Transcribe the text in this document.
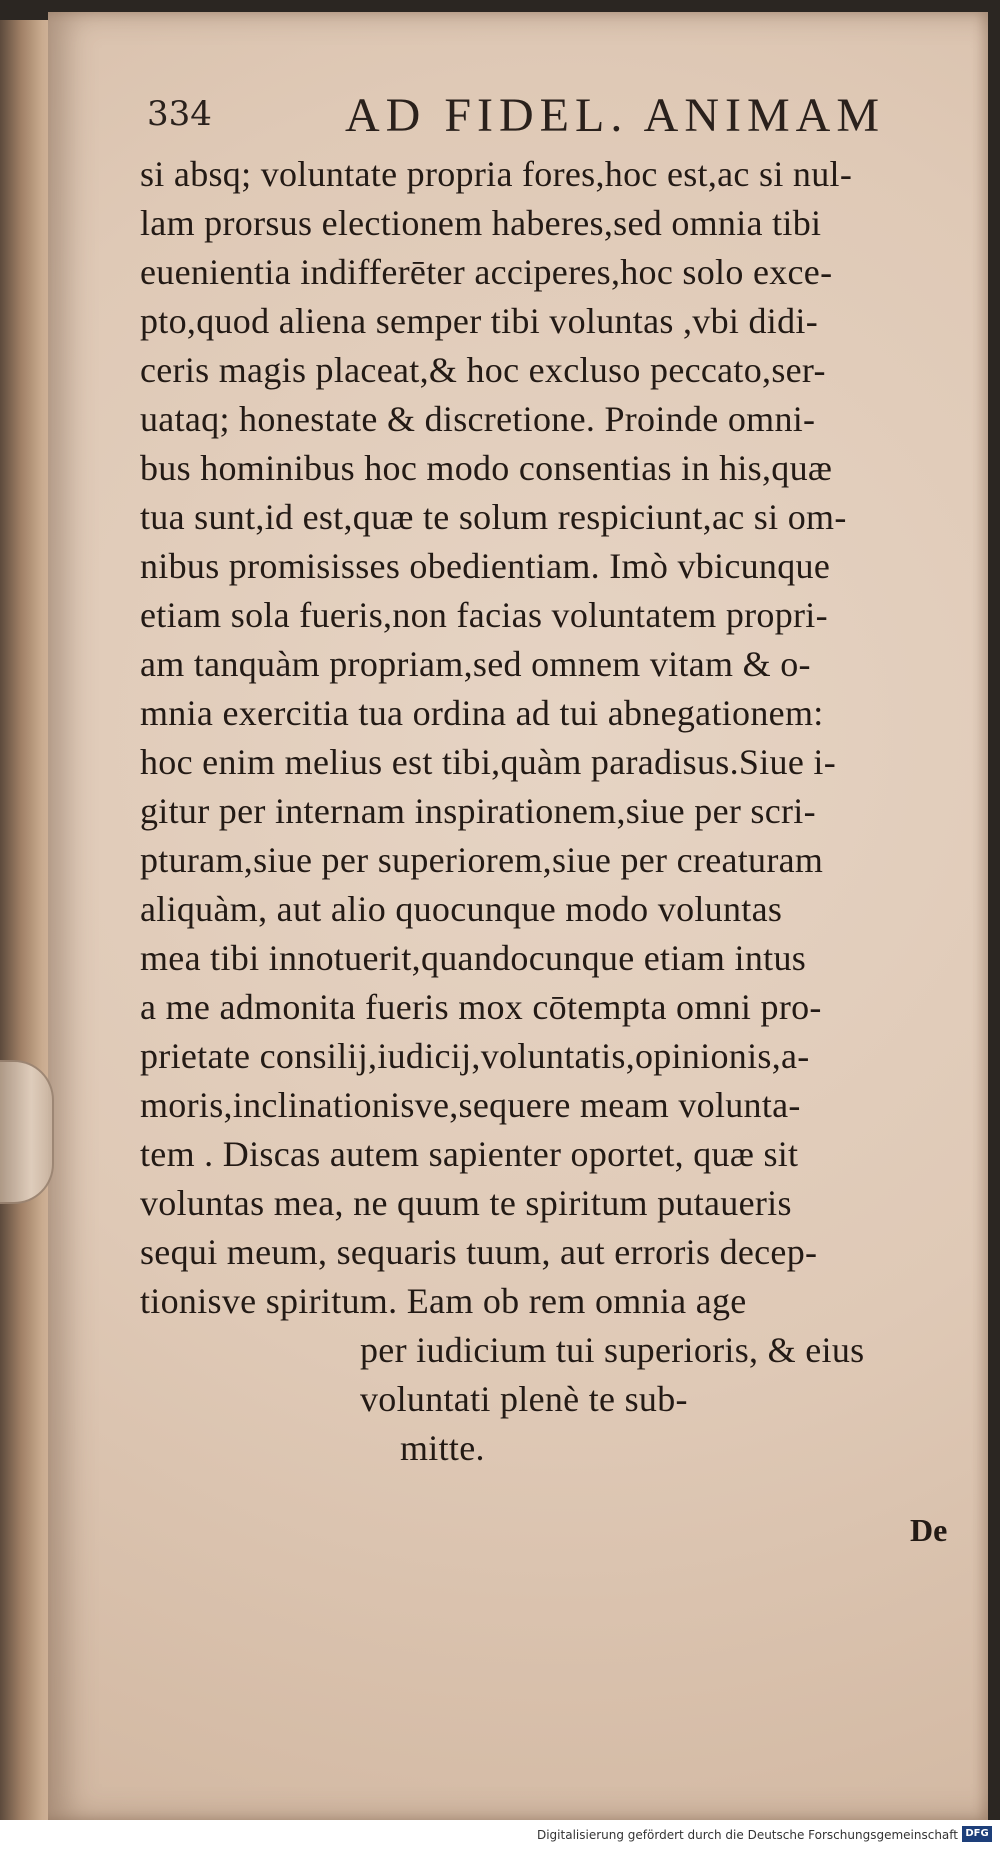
334	AD FIDEL. ANIMAM
si absq; voluntate propria fores,hoc est,ac si nul-
lam prorsus electionem haberes,sed omnia tibi
euenientia indifferēter acciperes,hoc solo exce-
pto,quod aliena semper tibi voluntas ,vbi didi-
ceris magis placeat,& hoc excluso peccato,ser-
uataq; honestate & discretione. Proinde omni-
bus hominibus hoc modo consentias in his,quæ
tua sunt,id est,quæ te solum respiciunt,ac si om-
nibus promisisses obedientiam. Imò vbicunque
etiam sola fueris,non facias voluntatem propri-
am tanquàm propriam,sed omnem vitam & o-
mnia exercitia tua ordina ad tui abnegationem:
hoc enim melius est tibi,quàm paradisus.Siue i-
gitur per internam inspirationem,siue per scri-
pturam,siue per superiorem,siue per creaturam
aliquàm, aut alio quocunque modo voluntas
mea tibi innotuerit,quandocunque etiam intus
a me admonita fueris mox cōtempta omni pro-
prietate consilij,iudicij,voluntatis,opinionis,a-
moris,inclinationisve,sequere meam volunta-
tem . Discas autem sapienter oportet, quæ sit
voluntas mea, ne quum te spiritum putaueris
sequi meum, sequaris tuum, aut erroris decep-
tionisve spiritum. Eam ob rem omnia age
per iudicium tui superioris, & eius
voluntati plenè te sub-
mitte.
De
Digitalisierung gefördert durch die Deutsche Forschungsgemeinschaft DFG
